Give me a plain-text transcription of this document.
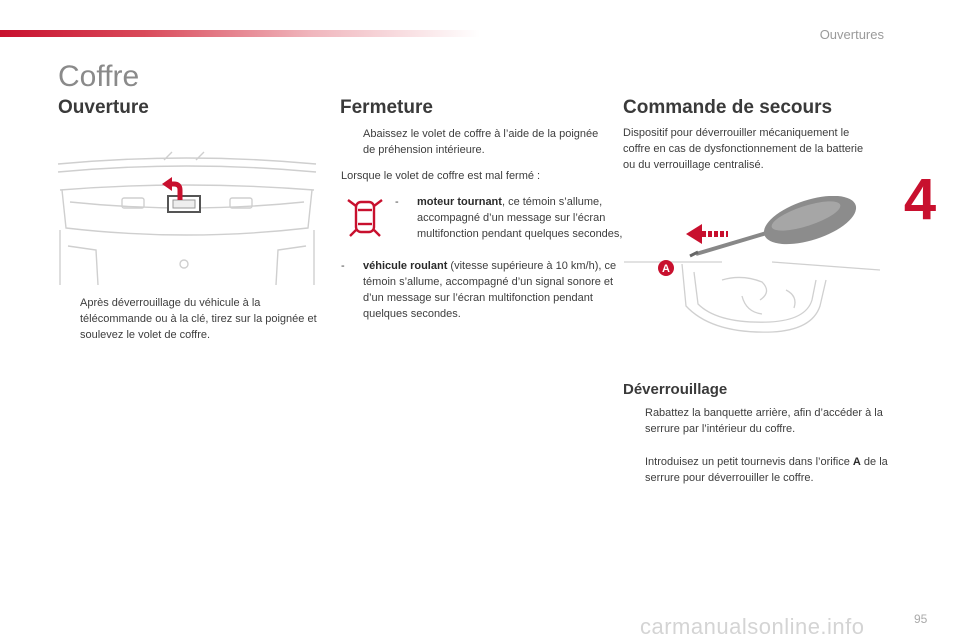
Ouvertures
Coffre
Ouverture
Après déverrouillage du véhicule à la télécommande ou à la clé, tirez sur la poignée et soulevez le volet de coffre.
Fermeture
Abaissez le volet de coffre à l’aide de la poignée de préhension intérieure.

Lorsque le volet de coffre est mal fermé :

- moteur tournant, ce témoin s’allume, accompagné d’un message sur l’écran multifonction pendant quelques secondes,
- véhicule roulant (vitesse supérieure à 10 km/h), ce témoin s’allume, accompagné d’un signal sonore et d’un message sur l’écran multifonction pendant quelques secondes.
Commande de secours

Dispositif pour déverrouiller mécaniquement le coffre en cas de dysfonctionnement de la batterie ou du verrouillage centralisé.

A
Déverrouillage
Rabattez la banquette arrière, afin d’accéder à la serrure par l’intérieur du coffre.
Introduisez un petit tournevis dans l’orifice A de la serrure pour déverrouiller le coffre.
4
carmanualsonline.info	95
